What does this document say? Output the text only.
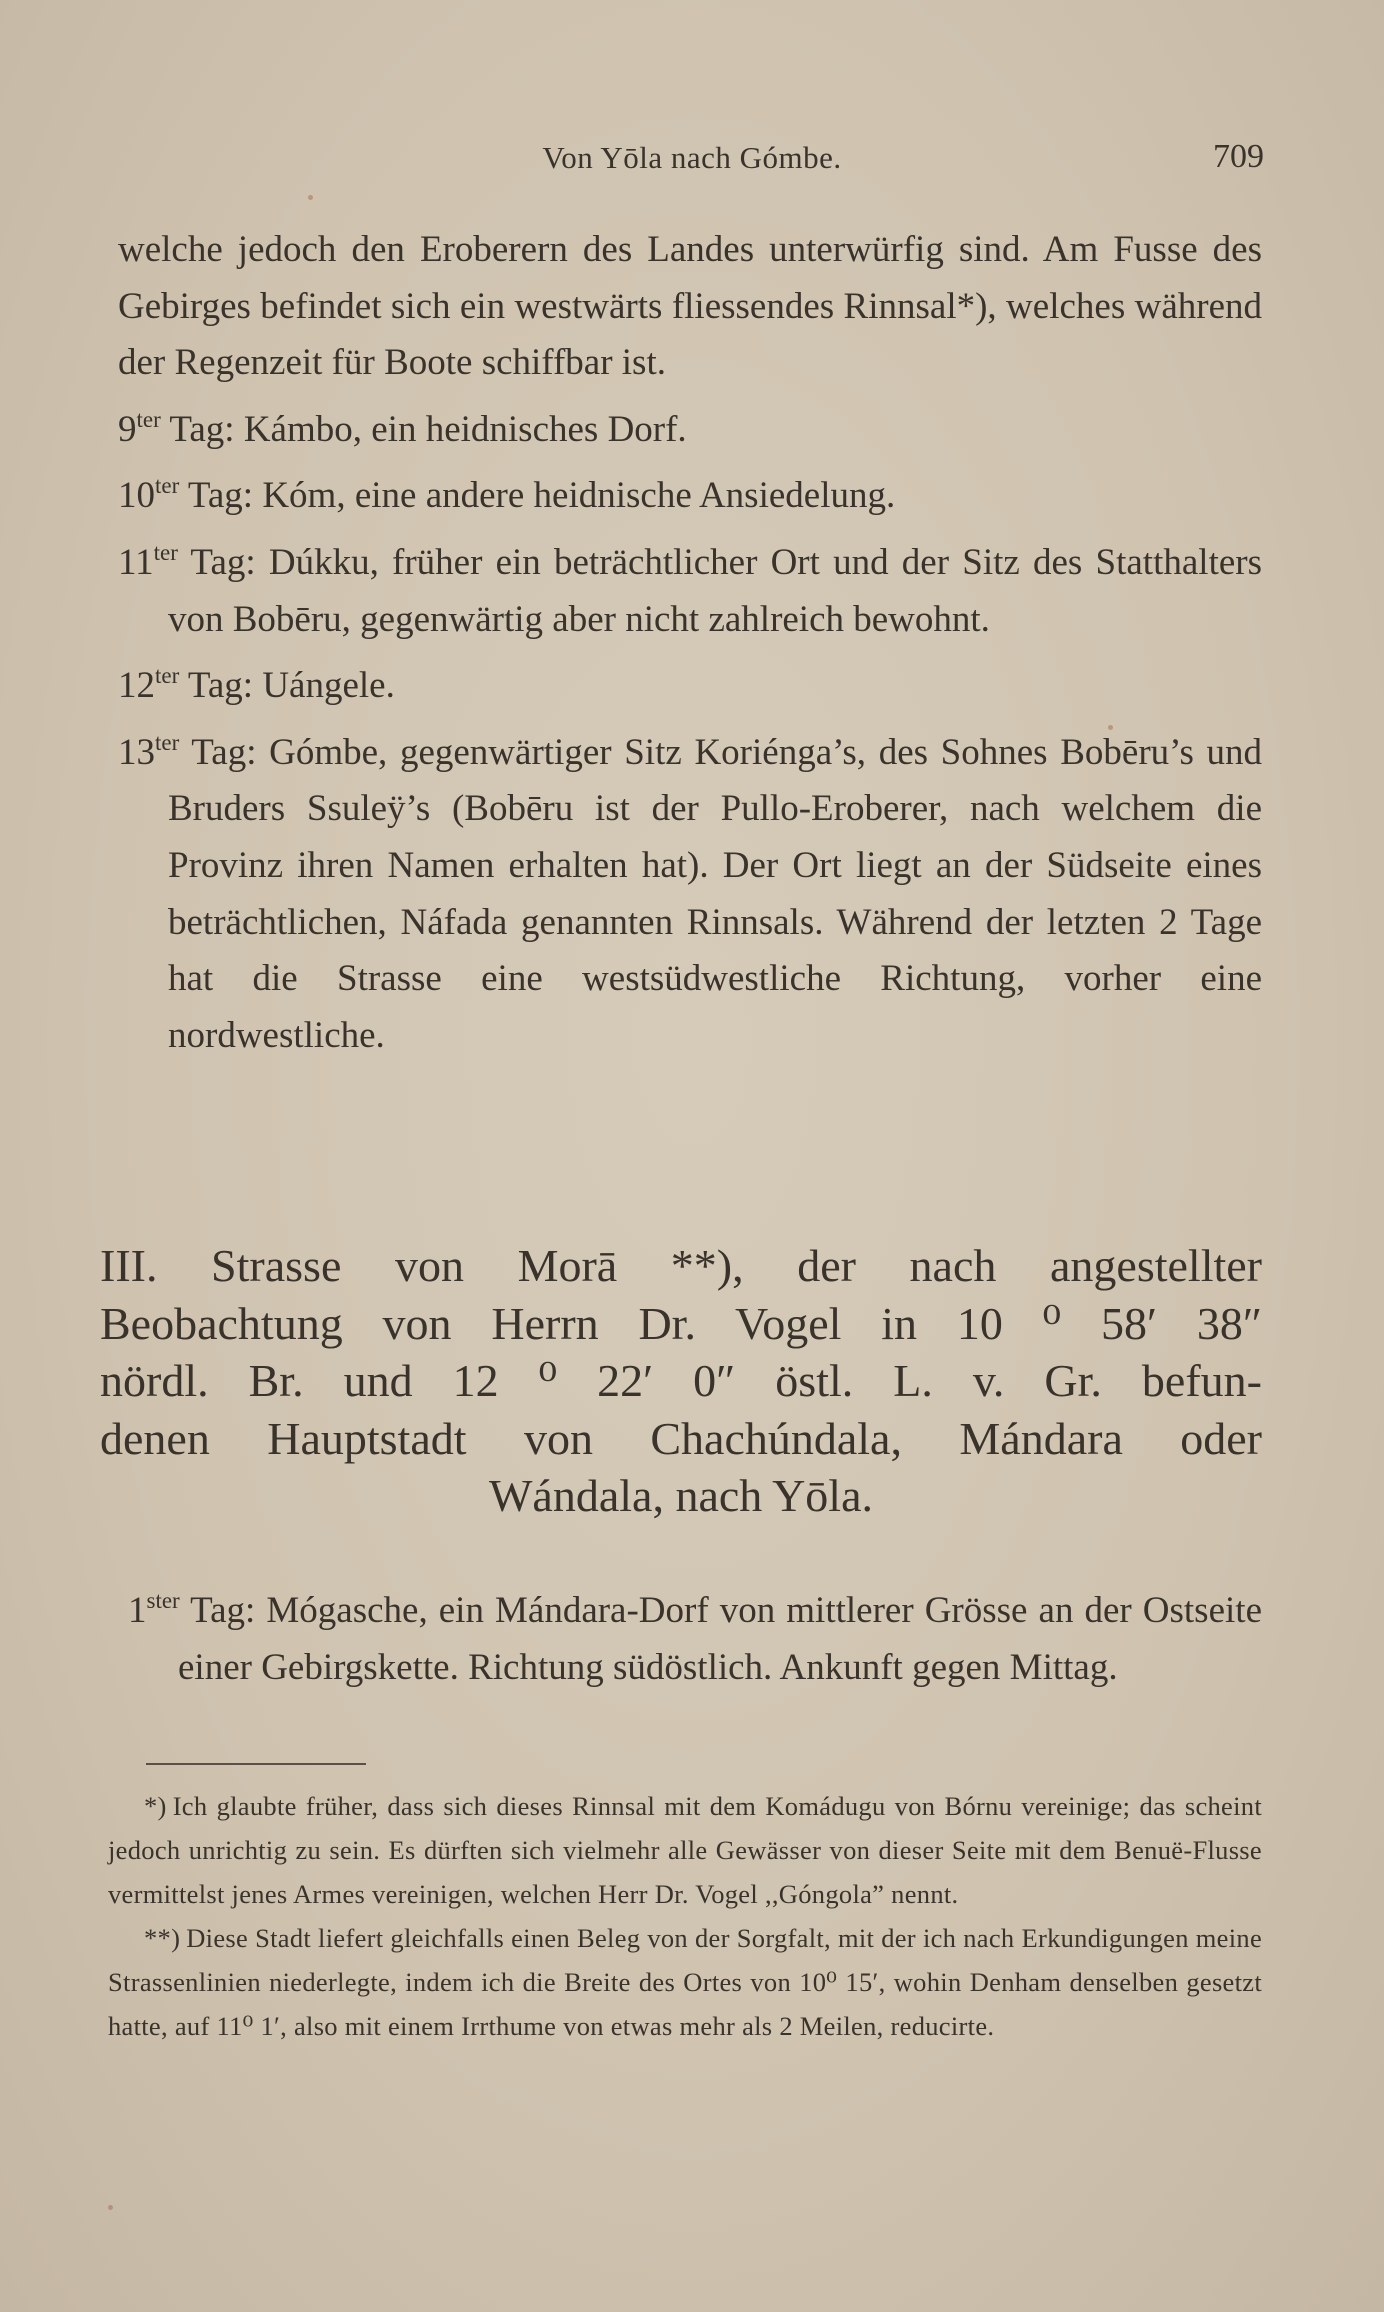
Von Yōla nach Gómbe.	709

welche jedoch den Eroberern des Landes unterwürfig sind. Am Fusse des Gebirges befindet sich ein westwärts fliessendes Rinnsal*), welches während der Regenzeit für Boote schiffbar ist.

$9^{ter}$ Tag: Kámbo, ein heidnisches Dorf.

$10^{ter}$ Tag: Kóm, eine andere heidnische Ansiedelung.

$11^{ter}$ Tag: Dúkku, früher ein beträchtlicher Ort und der Sitz des Statthalters von Bobēru, gegenwärtig aber nicht zahlreich bewohnt.

$12^{ter}$ Tag: Uángele.

$13^{ter}$ Tag: Gómbe, gegenwärtiger Sitz Koriénga’s, des Sohnes Bobēru’s und Bruders Ssuleÿ’s (Bobēru ist der Pullo-Eroberer, nach welchem die Provinz ihren Namen erhalten hat). Der Ort liegt an der Südseite eines beträchtlichen, Náfada genannten Rinnsals. Während der letzten 2 Tage hat die Strasse eine westsüdwestliche Richtung, vorher eine nordwestliche.

III. Strasse von Morā **), der nach angestellter
Beobachtung von Herrn Dr. Vogel in 10 ⁰ 58′ 38″
nördl. Br. und 12 ⁰ 22′ 0″ östl. L. v. Gr. befun-
denen Hauptstadt von Chachúndala, Mándara oder
Wándala, nach Yōla.

$1^{ster}$ Tag: Mógasche, ein Mándara-Dorf von mittlerer Grösse an der Ostseite einer Gebirgskette. Richtung südöstlich. Ankunft gegen Mittag.

*) Ich glaubte früher, dass sich dieses Rinnsal mit dem Komádugu von Bórnu vereinige; das scheint jedoch unrichtig zu sein. Es dürften sich vielmehr alle Gewässer von dieser Seite mit dem Benuë-Flusse vermittelst jenes Armes vereinigen, welchen Herr Dr. Vogel ,,Góngola” nennt.

**) Diese Stadt liefert gleichfalls einen Beleg von der Sorgfalt, mit der ich nach Erkundigungen meine Strassenlinien niederlegte, indem ich die Breite des Ortes von 10⁰ 15′, wohin Denham denselben gesetzt hatte, auf 11⁰ 1′, also mit einem Irrthume von etwas mehr als 2 Meilen, reducirte.
